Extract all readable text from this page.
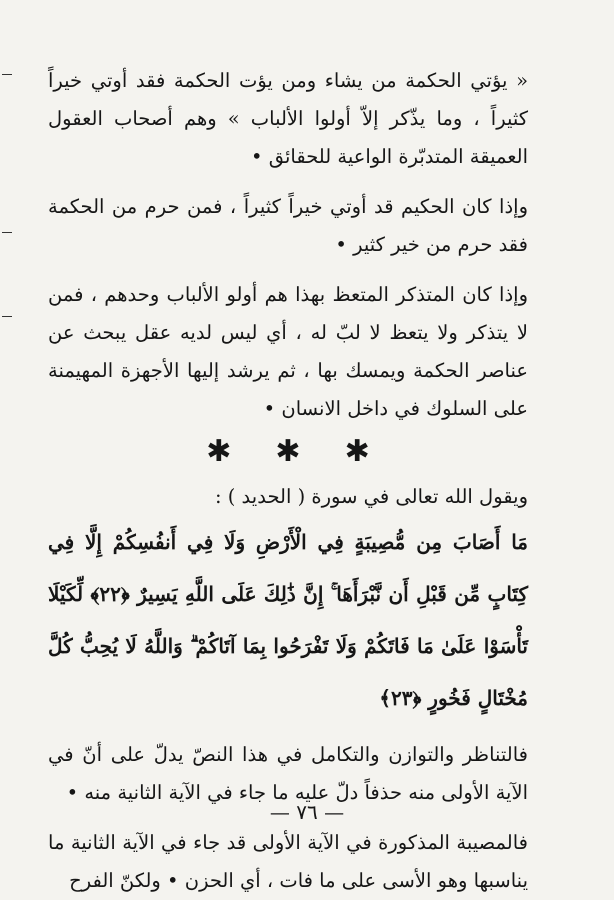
« يؤتي الحكمة من يشاء ومن يؤت الحكمة فقد أوتي خيراً كثيراً ، وما يذّكر إلاّ أولوا الألباب » وهم أصحاب العقول العميقة المتدبّرة الواعية للحقائق •

وإذا كان الحكيم قد أوتي خيراً كثيراً ، فمن حرم من الحكمة فقد حرم من خير كثير •

وإذا كان المتذكر المتعظ بهذا هم أولو الألباب وحدهم ، فمن لا يتذكر ولا يتعظ لا لبّ له ، أي ليس لديه عقل يبحث عن عناصر الحكمة ويمسك بها ، ثم يرشد إليها الأجهزة المهيمنة على السلوك في داخل الانسان •

✱ ✱ ✱

ويقول الله تعالى في سورة ( الحديد ) :

مَا أَصَابَ مِن مُّصِيبَةٍ فِي الْأَرْضِ وَلَا فِي أَنفُسِكُمْ إِلَّا فِي كِتَابٍ مِّن قَبْلِ أَن نَّبْرَأَهَا ۚ إِنَّ ذَٰلِكَ عَلَى اللَّهِ يَسِيرٌ ﴿٢٢﴾ لِّكَيْلَا تَأْسَوْا عَلَىٰ مَا فَاتَكُمْ وَلَا تَفْرَحُوا بِمَا آتَاكُمْ ۗ وَاللَّهُ لَا يُحِبُّ كُلَّ مُخْتَالٍ فَخُورٍ ﴿٢٣﴾

فالتناظر والتوازن والتكامل في هذا النصّ يدلّ على أنّ في الآية الأولى منه حذفاً دلّ عليه ما جاء في الآية الثانية منه •

فالمصيبة المذكورة في الآية الأولى قد جاء في الآية الثانية ما يناسبها وهو الأسى على ما فات ، أي الحزن • ولكنّ الفرح

— ٧٦ —
